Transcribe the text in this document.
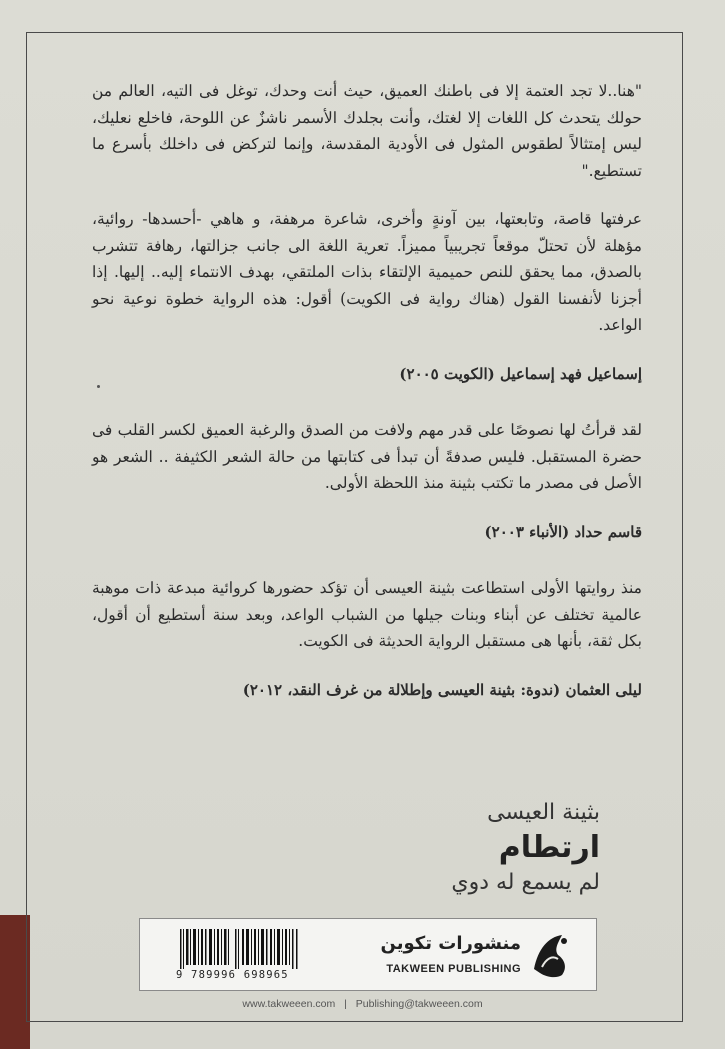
"هنا..لا تجد العتمة إلا فى باطنك العميق، حيث أنت وحدك، توغل فى التيه، العالم من حولك يتحدث كل اللغات إلا لغتك، وأنت بجلدك الأسمر ناشزٌ عن اللوحة، فاخلع نعليك، ليس إمتثالاً لطقوس المثول فى الأودية المقدسة، وإنما لتركض فى داخلك بأسرع ما تستطيع."

عرفتها قاصة، وتابعتها، بين آونةٍ وأخرى، شاعرة مرهفة، و هاهي -أحسدها- روائية، مؤهلة لأن تحتلّ موقعاً تجريبياً مميزاً. تعرية اللغة الى جانب جزالتها، رهافة تتشرب بالصدق، مما يحقق للنص حميمية الإلتقاء بذات الملتقي، بهدف الانتماء إليه.. إليها. إذا أجزنا لأنفسنا القول (هناك رواية فى الكويت) أقول: هذه الرواية خطوة نوعية نحو الواعد.

إسماعيل فهد إسماعيل (الكويت ٢٠٠٥)

لقد قرأتُ لها نصوصًا على قدر مهم ولافت من الصدق والرغبة العميق لكسر القلب فى حضرة المستقبل. فليس صدفةً أن تبدأ فى كتابتها من حالة الشعر الكثيفة .. الشعر هو الأصل فى مصدر ما تكتب بثينة منذ اللحظة الأولى.

قاسم حداد (الأنباء ٢٠٠٣)

منذ روايتها الأولى استطاعت بثينة العيسى أن تؤكد حضورها كروائية مبدعة ذات موهبة عالمية تختلف عن أبناء وبنات جيلها من الشباب الواعد، وبعد سنة أستطيع أن أقول، بكل ثقة، بأنها هى مستقبل الرواية الحديثة فى الكويت.

ليلى العثمان (ندوة: بثينة العيسى وإطلالة من غرف النقد، ٢٠١٢)

بثينة العيسى
ارتطام
لم يسمع له دوي
9 789996 698965
منشورات تكوين
TAKWEEN PUBLISHING
www.takweeen.com | Publishing@takweeen.com
